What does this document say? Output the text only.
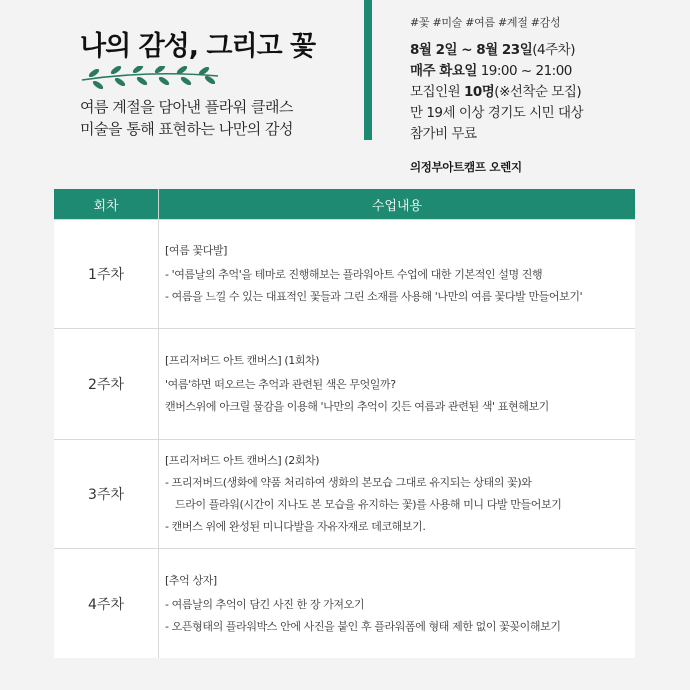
나의 감성, 그리고 꽃
여름 계절을 담아낸 플라워 클래스
미술을 통해 표현하는 나만의 감성
#꽃 #미술 #여름 #계절 #감성
8월 2일 ~ 8월 23일(4주차)
매주 화요일 19:00 ~ 21:00
모집인원 10명(※선착순 모집)
만 19세 이상 경기도 시민 대상
참가비 무료
의정부아트캠프 오렌지
회차	수업내용
1주차	[여름 꽃다발]
- '여름날의 추억'을 테마로 진행해보는 플라워아트 수업에 대한 기본적인 설명 진행
- 여름을 느낄 수 있는 대표적인 꽃들과 그린 소재를 사용해 '나만의 여름 꽃다발 만들어보기'

2주차	[프리저버드 아트 캔버스] (1회차)
'여름'하면 떠오르는 추억과 관련된 색은 무엇일까?
캔버스위에 아크릴 물감을 이용해 '나만의 추억이 깃든 여름과 관련된 색' 표현해보기

3주차	[프리저버드 아트 캔버스] (2회차)
- 프리저버드(생화에 약품 처리하여 생화의 본모습 그대로 유지되는 상태의 꽃)와
드라이 플라워(시간이 지나도 본 모습을 유지하는 꽃)를 사용해 미니 다발 만들어보기
- 캔버스 위에 완성된 미니다발을 자유자재로 데코해보기.

4주차	[추억 상자]
- 여름날의 추억이 담긴 사진 한 장 가져오기
- 오픈형태의 플라워박스 안에 사진을 붙인 후 플라워폼에 형태 제한 없이 꽃꽂이해보기
